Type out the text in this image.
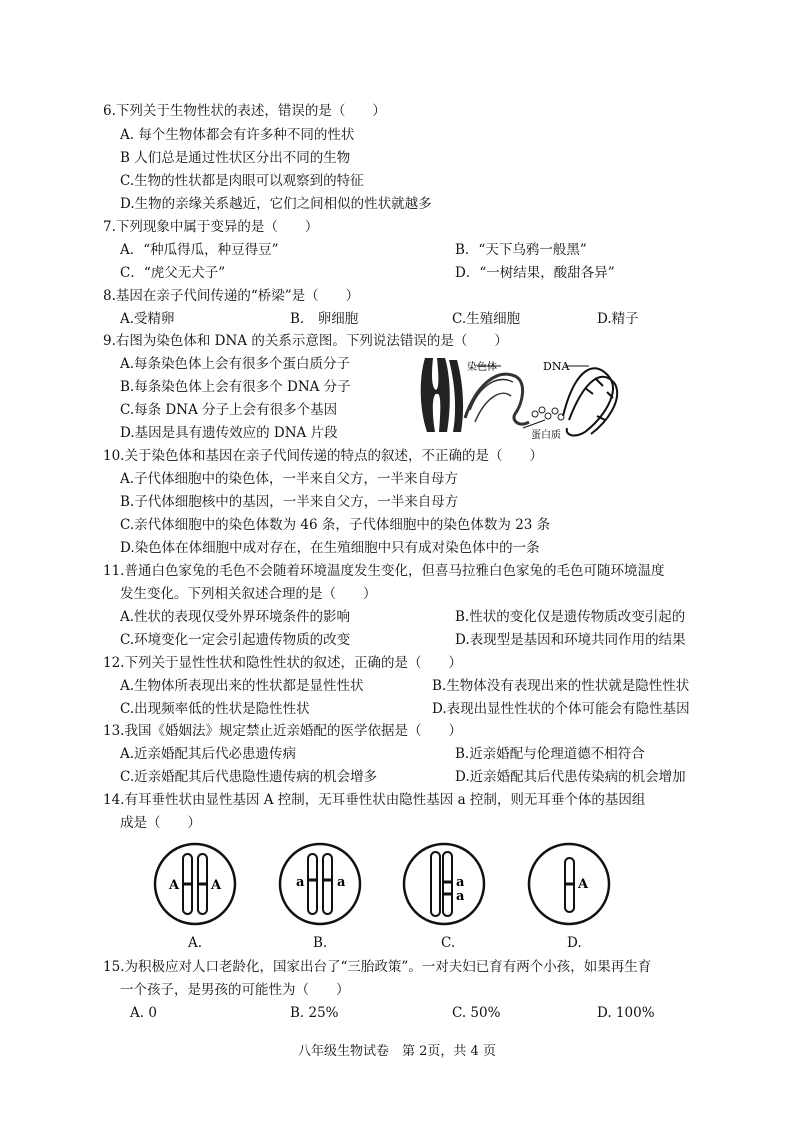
6.下列关于生物性状的表述，错误的是（　　）
A. 每个生物体都会有许多种不同的性状
B 人们总是通过性状区分出不同的生物
C.生物的性状都是肉眼可以观察到的特征
D.生物的亲缘关系越近，它们之间相似的性状就越多
7.下列现象中属于变异的是（　　）
A．“种瓜得瓜，种豆得豆”	B．“天下乌鸦一般黑”
C．“虎父无犬子”	D．“一树结果，酸甜各异”
8.基因在亲子代间传递的“桥梁”是（　　）
A.受精卵	B.　卵细胞	C.生殖细胞	D.精子
9.右图为染色体和 DNA 的关系示意图。下列说法错误的是（　　）
A.每条染色体上会有很多个蛋白质分子
B.每条染色体上会有很多个 DNA 分子
C.每条 DNA 分子上会有很多个基因
D.基因是具有遗传效应的 DNA 片段
染色体	DNA
蛋白质
10.关于染色体和基因在亲子代间传递的特点的叙述，不正确的是（　　）
A.子代体细胞中的染色体，一半来自父方，一半来自母方
B.子代体细胞核中的基因，一半来自父方，一半来自母方
C.亲代体细胞中的染色体数为 46 条，子代体细胞中的染色体数为 23 条
D.染色体在体细胞中成对存在，在生殖细胞中只有成对染色体中的一条
11.普通白色家兔的毛色不会随着环境温度发生变化，但喜马拉雅白色家兔的毛色可随环境温度
发生变化。下列相关叙述合理的是（　　）
A.性状的表现仅受外界环境条件的影响	B.性状的变化仅是遗传物质改变引起的
C.环境变化一定会引起遗传物质的改变	D.表现型是基因和环境共同作用的结果
12.下列关于显性性状和隐性性状的叙述，正确的是（　　）
A.生物体所表现出来的性状都是显性性状	B.生物体没有表现出来的性状就是隐性性状
C.出现频率低的性状是隐性性状	D.表现出显性性状的个体可能会有隐性基因
13.我国《婚姻法》规定禁止近亲婚配的医学依据是（　　）
A.近亲婚配其后代必患遗传病	B.近亲婚配与伦理道德不相符合
C.近亲婚配其后代患隐性遗传病的机会增多	D.近亲婚配其后代患传染病的机会增加
14.有耳垂性状由显性基因 A 控制，无耳垂性状由隐性基因 a 控制，则无耳垂个体的基因组
成是（　　）
A A	a	a	a
a
A
A.	B.	C.	D.
15.为积极应对人口老龄化，国家出台了“三胎政策”。一对夫妇已育有两个小孩，如果再生育
一个孩子，是男孩的可能性为（　　）
A. 0	B. 25%	C. 50%	D. 100%
八年级生物试卷　第 2页，共 4 页
